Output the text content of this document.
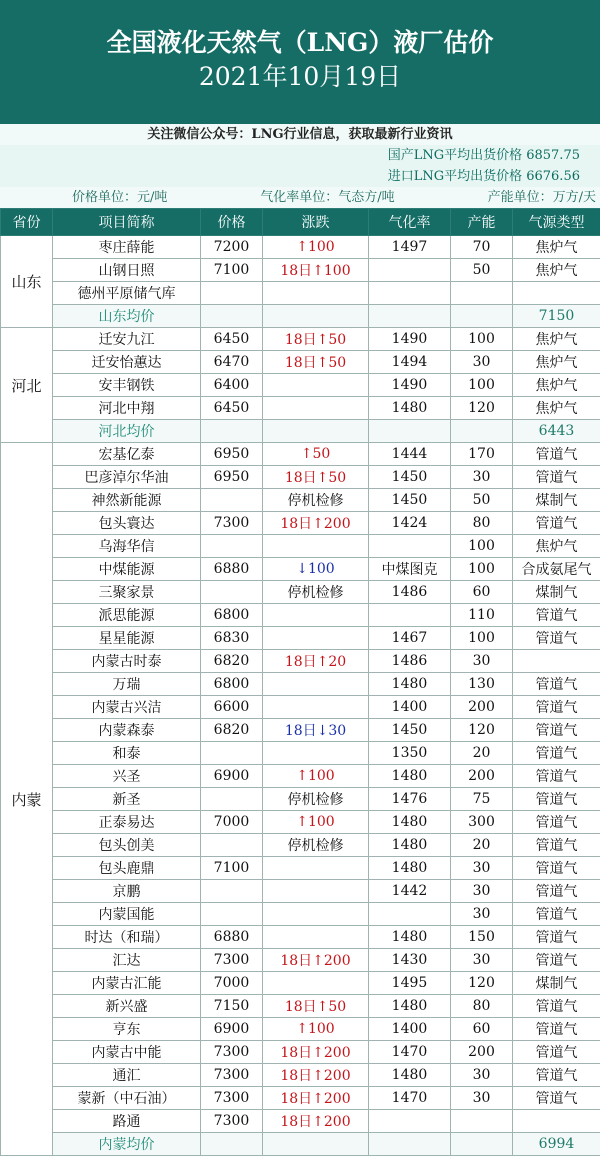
全国液化天然气（LNG）液厂估价
2021年10月19日
关注微信公众号：LNG行业信息，获取最新行业资讯
国产LNG平均出货价格 6857.75
进口LNG平均出货价格 6676.56
价格单位：元/吨	气化率单位：气态方/吨	产能单位：万方/天
省份	项目简称	价格	涨跌	气化率	产能	气源类型
山东	枣庄薛能	7200	↑100	1497	70	焦炉气
	山钢日照	7100	18日↑100		50	焦炉气
	德州平原储气库					
	山东均价					7150
河北	迁安九江	6450	18日↑50	1490	100	焦炉气
	迁安怡蕙达	6470	18日↑50	1494	30	焦炉气
	安丰钢铁	6400		1490	100	焦炉气
	河北中翔	6450		1480	120	焦炉气
	河北均价					6443
内蒙	宏基亿泰	6950	↑50	1444	170	管道气
	巴彦淖尔华油	6950	18日↑50	1450	30	管道气
	神然新能源		停机检修	1450	50	煤制气
	包头寰达	7300	18日↑200	1424	80	管道气
	乌海华信				100	焦炉气
	中煤能源	6880	↓100	中煤图克	100	合成氨尾气
	三聚家景		停机检修	1486	60	煤制气
	派思能源	6800			110	管道气
	星星能源	6830		1467	100	管道气
	内蒙古时泰	6820	18日↑20	1486	30	
	万瑞	6800		1480	130	管道气
	内蒙古兴洁	6600		1400	200	管道气
	内蒙森泰	6820	18日↓30	1450	120	管道气
	和泰			1350	20	管道气
	兴圣	6900	↑100	1480	200	管道气
	新圣		停机检修	1476	75	管道气
	正泰易达	7000	↑100	1480	300	管道气
	包头创美		停机检修	1480	20	管道气
	包头鹿鼎	7100		1480	30	管道气
	京鹏			1442	30	管道气
	内蒙国能				30	管道气
	时达（和瑞）	6880		1480	150	管道气
	汇达	7300	18日↑200	1430	30	管道气
	内蒙古汇能	7000		1495	120	煤制气
	新兴盛	7150	18日↑50	1480	80	管道气
	亨东	6900	↑100	1400	60	管道气
	内蒙古中能	7300	18日↑200	1470	200	管道气
	通汇	7300	18日↑200	1480	30	管道气
	蒙新（中石油）	7300	18日↑200	1470	30	管道气
	路通	7300	18日↑200			
	内蒙均价					6994
